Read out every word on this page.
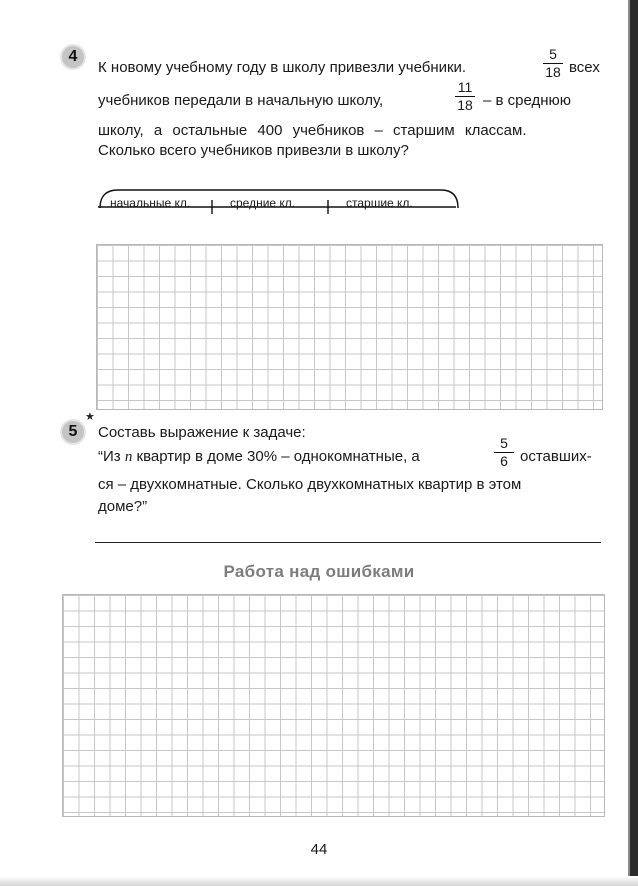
4
К новому учебному году в школу привезли учебники.	$\frac{5}{18}$ всех
учебников передали в начальную школу,	$\frac{11}{18}$ – в среднюю
школу, а остальные 400 учебников – старшим классам.
Сколько всего учебников привезли в школу?
начальные кл.	средние кл.	старшие кл.
5
★
Составь выражение к задаче:
“Из n квартир в доме 30% – однокомнатные, а	$\frac{5}{6}$ оставших-
ся – двухкомнатные. Сколько двухкомнатных квартир в этом
доме?”
Работа над ошибками
44
